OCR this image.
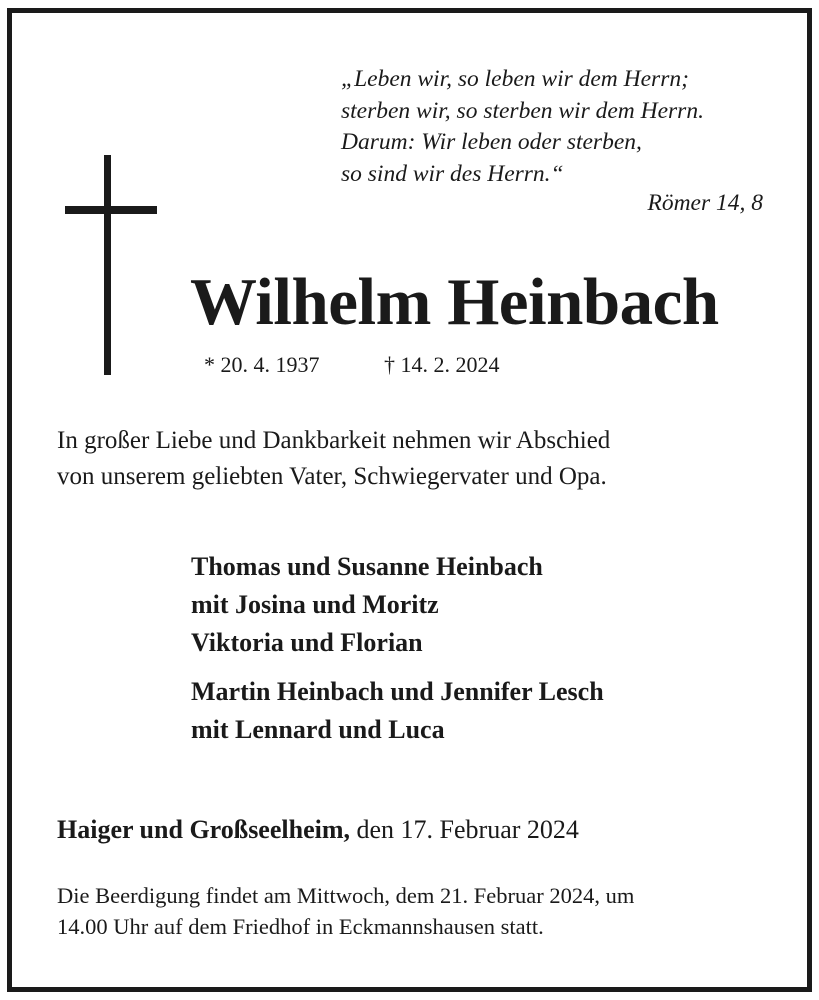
„Leben wir, so leben wir dem Herrn;
sterben wir, so sterben wir dem Herrn.
Darum: Wir leben oder sterben,
so sind wir des Herrn.“
Römer 14, 8
Wilhelm Heinbach
* 20. 4. 1937	† 14. 2. 2024
In großer Liebe und Dankbarkeit nehmen wir Abschied
von unserem geliebten Vater, Schwiegervater und Opa.
Thomas und Susanne Heinbach
mit Josina und Moritz
Viktoria und Florian
Martin Heinbach und Jennifer Lesch
mit Lennard und Luca
Haiger und Großseelheim, den 17. Februar 2024
Die Beerdigung findet am Mittwoch, dem 21. Februar 2024, um
14.00 Uhr auf dem Friedhof in Eckmannshausen statt.
